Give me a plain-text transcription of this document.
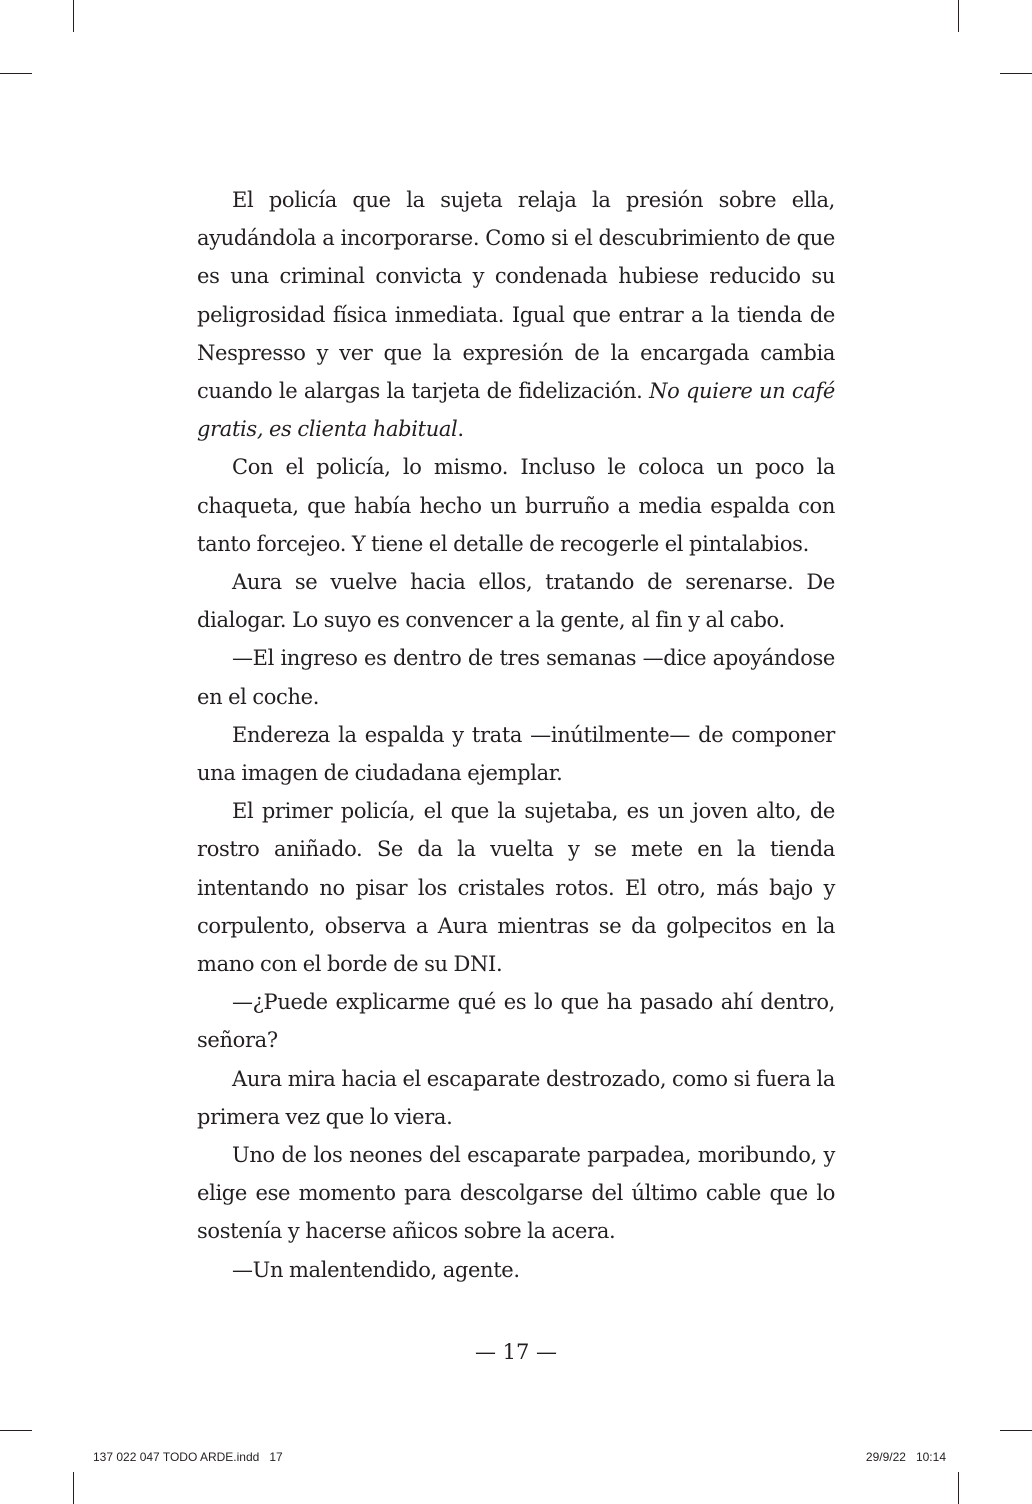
El policía que la sujeta relaja la presión sobre ella, ayudándola a incorporarse. Como si el descubrimiento de que es una criminal convicta y condenada hubiese reducido su peligrosidad física inmediata. Igual que entrar a la tienda de Nespresso y ver que la expresión de la encargada cambia cuando le alargas la tarjeta de fidelización. No quiere un café gratis, es clienta habitual.

Con el policía, lo mismo. Incluso le coloca un poco la chaqueta, que había hecho un burruño a media espalda con tanto forcejeo. Y tiene el detalle de recogerle el pintalabios.

Aura se vuelve hacia ellos, tratando de serenarse. De dialogar. Lo suyo es convencer a la gente, al fin y al cabo.

—El ingreso es dentro de tres semanas —dice apoyándose en el coche.

Endereza la espalda y trata —inútilmente— de componer una imagen de ciudadana ejemplar.

El primer policía, el que la sujetaba, es un joven alto, de rostro aniñado. Se da la vuelta y se mete en la tienda intentando no pisar los cristales rotos. El otro, más bajo y corpulento, observa a Aura mientras se da golpecitos en la mano con el borde de su DNI.

—¿Puede explicarme qué es lo que ha pasado ahí dentro, señora?

Aura mira hacia el escaparate destrozado, como si fuera la primera vez que lo viera.

Uno de los neones del escaparate parpadea, moribundo, y elige ese momento para descolgarse del último cable que lo sostenía y hacerse añicos sobre la acera.

—Un malentendido, agente.

— 17 —
137 022 047 TODO ARDE.indd   17	29/9/22   10:14
